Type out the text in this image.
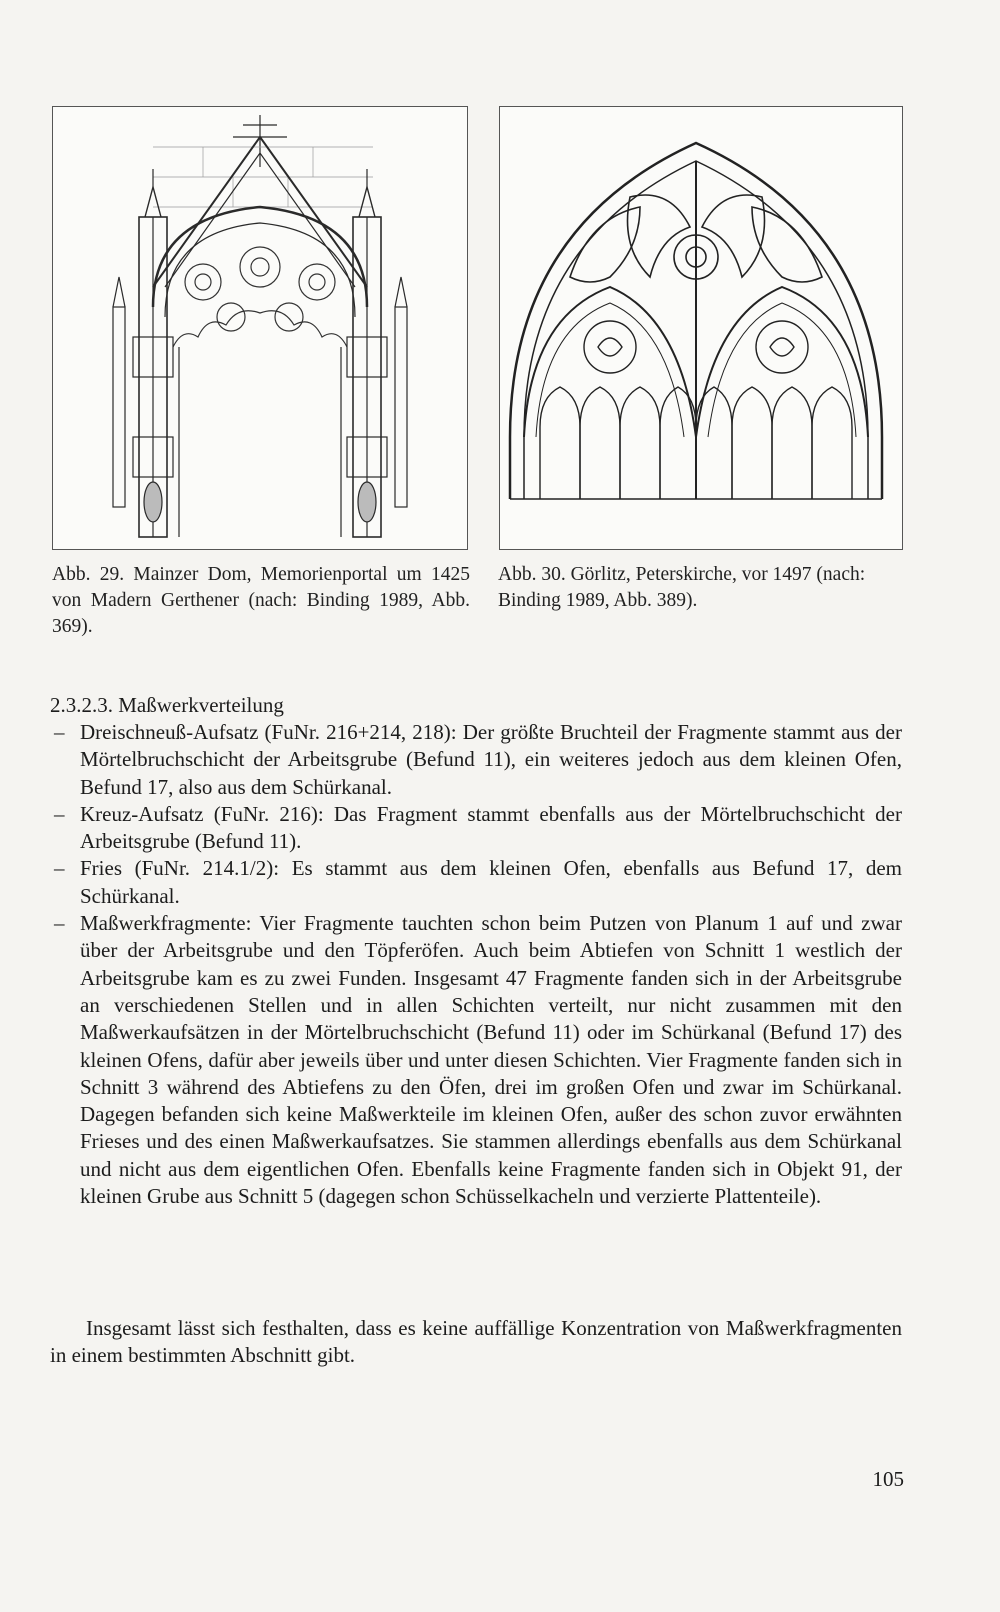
Abb. 29. Mainzer Dom, Memorienportal um 1425 von Madern Gerthener (nach: Binding 1989, Abb. 369).
Abb. 30. Görlitz, Peterskirche, vor 1497 (nach: Binding 1989, Abb. 389).
2.3.2.3. Maßwerkverteilung
– Dreischneuß-Aufsatz (FuNr. 216+214, 218): Der größte Bruchteil der Fragmente stammt aus der Mörtelbruchschicht der Arbeitsgrube (Befund 11), ein weiteres jedoch aus dem kleinen Ofen, Befund 17, also aus dem Schürkanal.
– Kreuz-Aufsatz (FuNr. 216): Das Fragment stammt ebenfalls aus der Mörtelbruchschicht der Arbeitsgrube (Befund 11).
– Fries (FuNr. 214.1/2): Es stammt aus dem kleinen Ofen, ebenfalls aus Befund 17, dem Schürkanal.
– Maßwerkfragmente: Vier Fragmente tauchten schon beim Putzen von Planum 1 auf und zwar über der Arbeitsgrube und den Töpferöfen. Auch beim Abtiefen von Schnitt 1 westlich der Arbeitsgrube kam es zu zwei Funden. Insgesamt 47 Fragmente fanden sich in der Arbeitsgrube an verschiedenen Stellen und in allen Schichten verteilt, nur nicht zusammen mit den Maßwerkaufsätzen in der Mörtelbruchschicht (Befund 11) oder im Schürkanal (Befund 17) des kleinen Ofens, dafür aber jeweils über und unter diesen Schichten. Vier Fragmente fanden sich in Schnitt 3 während des Abtiefens zu den Öfen, drei im großen Ofen und zwar im Schürkanal. Dagegen befanden sich keine Maßwerkteile im kleinen Ofen, außer des schon zuvor erwähnten Frieses und des einen Maßwerkaufsatzes. Sie stammen allerdings ebenfalls aus dem Schürkanal und nicht aus dem eigentlichen Ofen. Ebenfalls keine Fragmente fanden sich in Objekt 91, der kleinen Grube aus Schnitt 5 (dagegen schon Schüsselkacheln und verzierte Plattenteile).
Insgesamt lässt sich festhalten, dass es keine auffällige Konzentration von Maßwerkfragmenten in einem bestimmten Abschnitt gibt.
105
